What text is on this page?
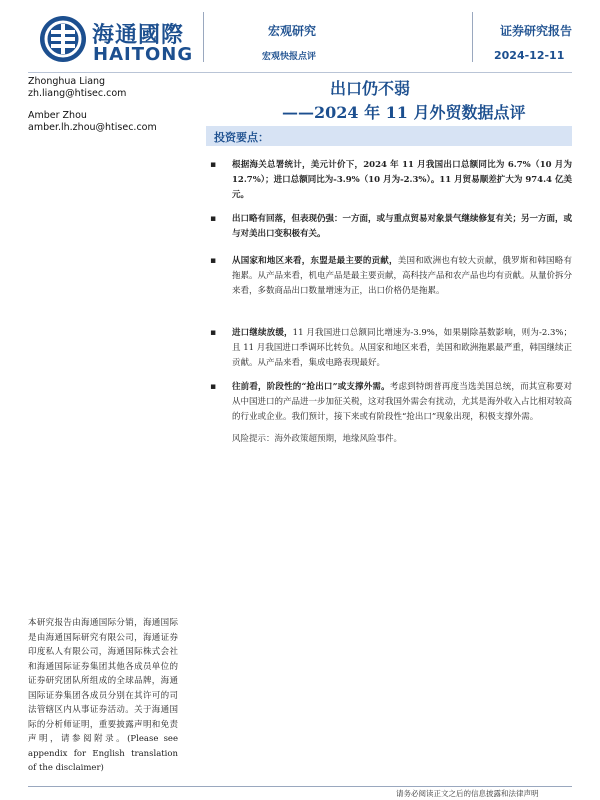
海通國際
HAITONG
宏观研究
宏观快报点评
证券研究报告
2024-12-11
Zhonghua Liang
zh.liang@htisec.com
Amber Zhou
amber.lh.zhou@htisec.com
出口仍不弱
——2024 年 11 月外贸数据点评
投资要点：
▪ 根据海关总署统计，美元计价下，2024 年 11 月我国出口总额同比为 6.7%（10 月为 12.7%）；进口总额同比为-3.9%（10 月为-2.3%）。11 月贸易顺差扩大为 974.4 亿美元。
▪ 出口略有回落，但表现仍强：一方面，或与重点贸易对象景气继续修复有关；另一方面，或与对美出口变积极有关。
▪ 从国家和地区来看，东盟是最主要的贡献，美国和欧洲也有较大贡献，俄罗斯和韩国略有拖累。从产品来看，机电产品是最主要贡献，高科技产品和农产品也均有贡献。从量价拆分来看，多数商品出口数量增速为正，出口价格仍是拖累。
▪ 进口继续放缓，11 月我国进口总额同比增速为-3.9%，如果剔除基数影响，则为-2.3%；且 11 月我国进口季调环比转负。从国家和地区来看，美国和欧洲拖累最严重，韩国继续正贡献。从产品来看，集成电路表现最好。
▪ 往前看，阶段性的“抢出口”或支撑外需。考虑到特朗普再度当选美国总统，而其宣称要对从中国进口的产品进一步加征关税，这对我国外需会有扰动，尤其是海外收入占比相对较高的行业或企业。我们预计，接下来或有阶段性“抢出口”现象出现，积极支撑外需。
风险提示：海外政策超预期，地缘风险事件。
本研究报告由海通国际分销，海通国际是由海通国际研究有限公司，海通证券印度私人有限公司，海通国际株式会社和海通国际证券集团其他各成员单位的证券研究团队所组成的全球品牌，海通国际证券集团各成员分别在其许可的司法管辖区内从事证券活动。关于海通国际的分析师证明，重要披露声明和免责声明，请参阅附录。(Please see appendix for English translation of the disclaimer)
请务必阅读正文之后的信息披露和法律声明
